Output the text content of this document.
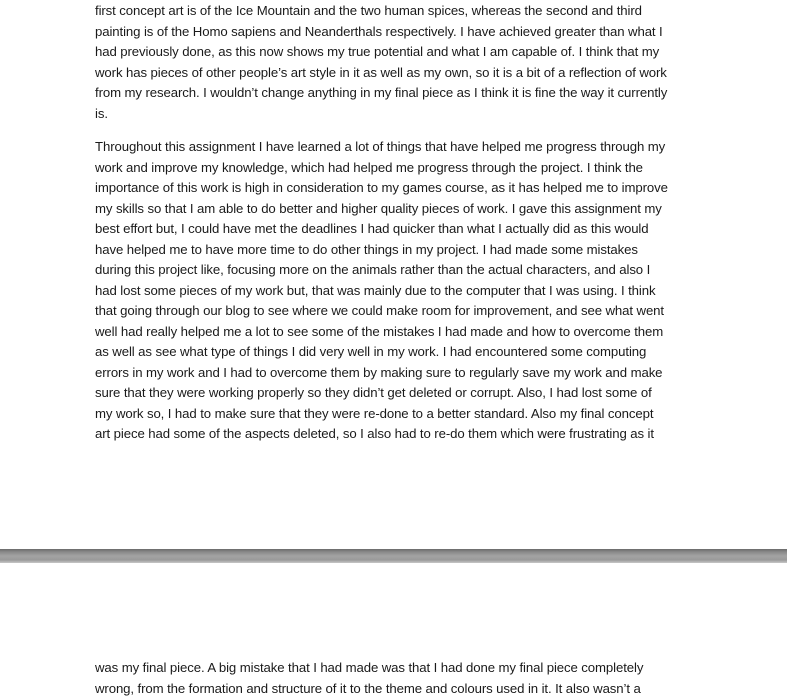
first concept art is of the Ice Mountain and the two human spices, whereas the second and third
painting is of the Homo sapiens and Neanderthals respectively. I have achieved greater than what I
had previously done, as this now shows my true potential and what I am capable of. I think that my
work has pieces of other people’s art style in it as well as my own, so it is a bit of a reflection of work
from my research. I wouldn’t change anything in my final piece as I think it is fine the way it currently
is.
Throughout this assignment I have learned a lot of things that have helped me progress through my
work and improve my knowledge, which had helped me progress through the project. I think the
importance of this work is high in consideration to my games course, as it has helped me to improve
my skills so that I am able to do better and higher quality pieces of work. I gave this assignment my
best effort but, I could have met the deadlines I had quicker than what I actually did as this would
have helped me to have more time to do other things in my project. I had made some mistakes
during this project like, focusing more on the animals rather than the actual characters, and also I
had lost some pieces of my work but, that was mainly due to the computer that I was using. I think
that going through our blog to see where we could make room for improvement, and see what went
well had really helped me a lot to see some of the mistakes I had made and how to overcome them
as well as see what type of things I did very well in my work. I had encountered some computing
errors in my work and I had to overcome them by making sure to regularly save my work and make
sure that they were working properly so they didn’t get deleted or corrupt. Also, I had lost some of
my work so, I had to make sure that they were re-done to a better standard. Also my final concept
art piece had some of the aspects deleted, so I also had to re-do them which were frustrating as it
was my final piece. A big mistake that I had made was that I had done my final piece completely
wrong, from the formation and structure of it to the theme and colours used in it. It also wasn’t a
